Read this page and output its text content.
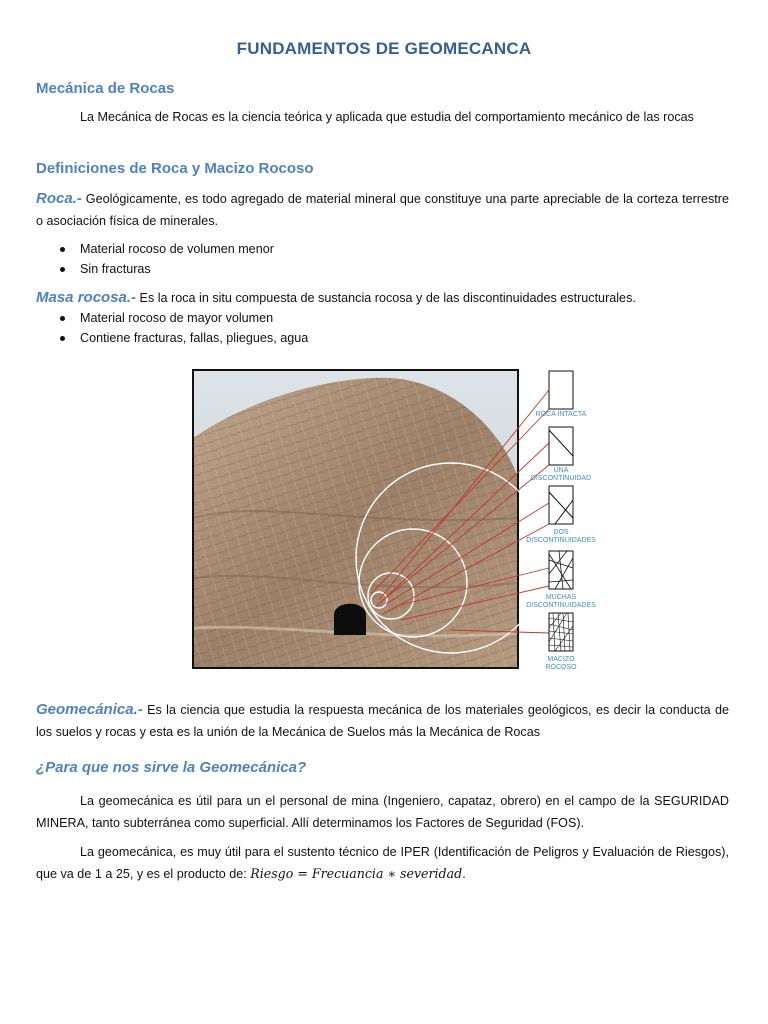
FUNDAMENTOS DE GEOMECANCA
Mecánica de Rocas
La Mecánica de Rocas es la ciencia teórica y aplicada que estudia del comportamiento mecánico de las rocas
Definiciones de Roca y Macizo Rocoso
Roca.- Geológicamente, es todo agregado de material mineral que constituye una parte apreciable de la corteza terrestre o asociación física de minerales.
Material rocoso de volumen menor
Sin fracturas
Masa rocosa.- Es la roca in situ compuesta de sustancia rocosa y de las discontinuidades estructurales.
Material rocoso de mayor volumen
Contiene fracturas, fallas, pliegues, agua
ROCA INTACTA
UNA
DISCONTINUIDAD
DOS
DISCONTINUIDADES
MUCHAS
DISCONTINUIDADES
MACIZO
ROCOSO
Geomecánica.- Es la ciencia que estudia la respuesta mecánica de los materiales geológicos, es decir la conducta de los suelos y rocas y esta es la unión de la Mecánica de Suelos más la Mecánica de Rocas
¿Para que nos sirve la Geomecánica?
La geomecánica es útil para un el personal de mina (Ingeniero, capataz, obrero) en el campo de la SEGURIDAD MINERA, tanto subterránea como superficial. Allí determinamos los Factores de Seguridad (FOS).
La geomecánica, es muy útil para el sustento técnico de IPER (Identificación de Peligros y Evaluación de Riesgos), que va de 1 a 25, y es el producto de: Riesgo = Frecuancia ∗ severidad.
